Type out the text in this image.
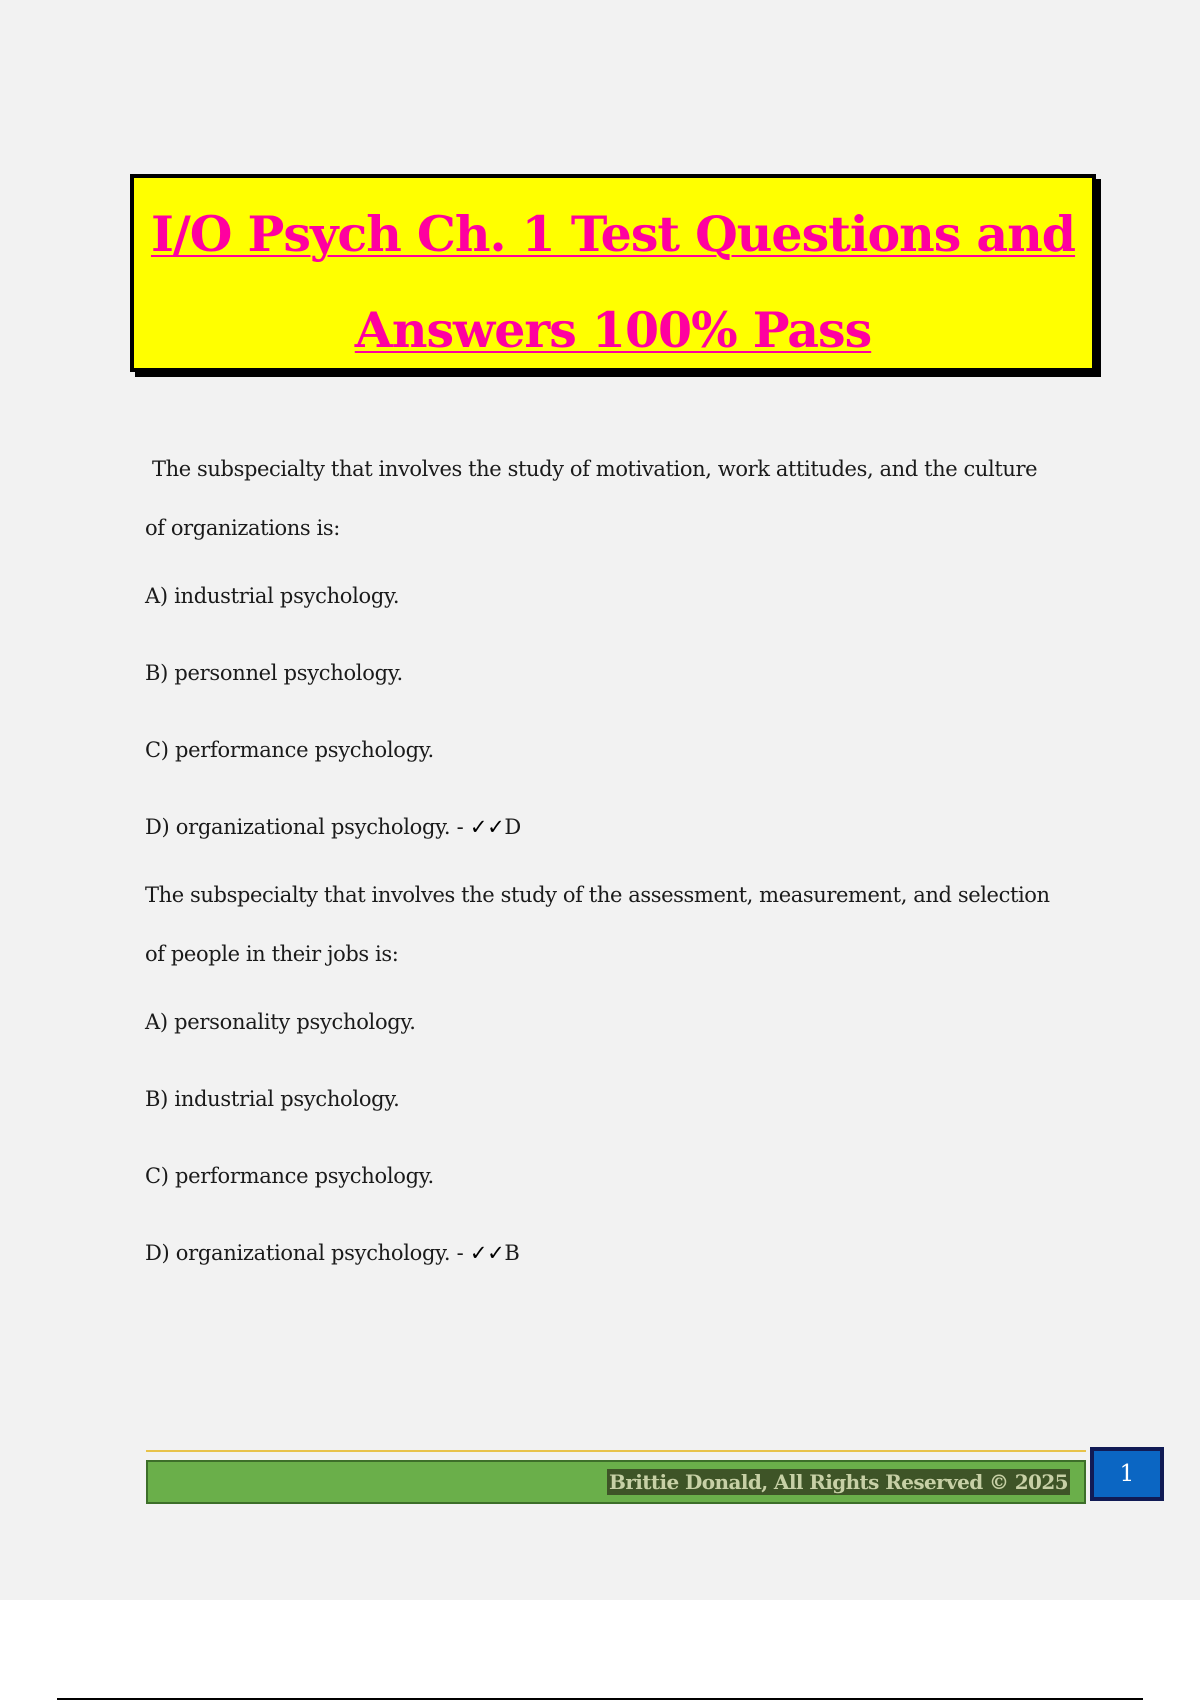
I/O Psych Ch. 1 Test Questions and
Answers 100% Pass

The subspecialty that involves the study of motivation, work attitudes, and the culture

of organizations is:

A) industrial psychology.

B) personnel psychology.

C) performance psychology.

D) organizational psychology. - ✓✓D

The subspecialty that involves the study of the assessment, measurement, and selection

of people in their jobs is:

A) personality psychology.

B) industrial psychology.

C) performance psychology.

D) organizational psychology. - ✓✓B

Brittie Donald, All Rights Reserved © 2025	1
